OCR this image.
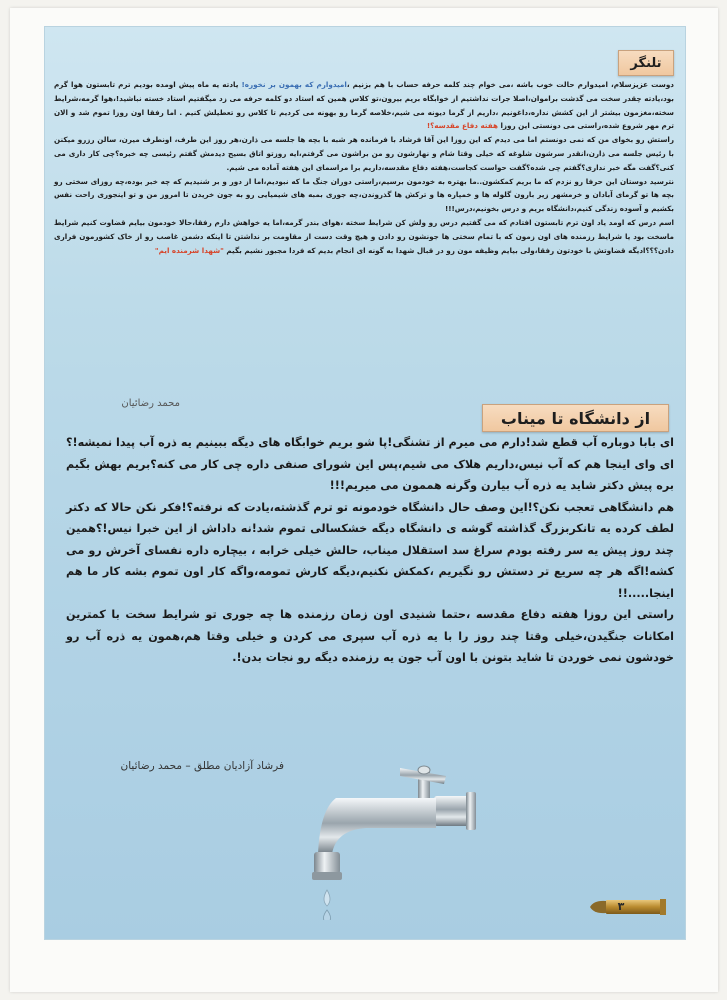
تلنگر

دوست عزیزسلام، امیدوارم حالت خوب باشه ،می خوام چند کلمه حرفه حساب با هم بزنیم ،امیدوارم که بهمون بر نخوره! یادته یه ماه پیش اومده بودیم ترم تابستون هوا گرم بود،یادته چقدر سخت می گذشت براموان،اصلا جرات نداشتیم از خوابگاه بریم بیرون،تو کلاس همین که استاد دو کلمه حرفه می زد میگفتیم استاد خسته نباشید!،هوا گرمه،شرایط سخته،مغزمون بیشتر از این کشش نداره،داغونیم ،داریم از گرما دیونه می شیم،خلاصه گرما رو بهونه می کردیم تا کلاس رو تعطیلش کنیم . اما رفقا اون روزا تموم شد و الان ترم مهر شروع شده،راستی می دونستی این روزا هفته دفاع مقدسه؟!

راستش رو بخوای من که نمی دونستم اما می دیدم که این روزا این آقا فرشاد با فرمانده هر شبه با بچه ها جلسه می ذارن،هر روز این طرف، اونطرف میرن، سالن رزرو میکنن با رئیس جلسه می ذارن،انقدر سرشون شلوغه که خیلی وقتا شام و نهارشون رو من براشون می گرفتم،ایه روزتو اتاق بسیج دیدمش گفتم رئیسی چه خبره؟چی کار داری می کنی؟گفت مگه خبر نداری؟گفتم چی شده؟گفت حواست کجاست،هفته دفاع مقدسه،داریم برا مراسمای این هفته آماده می شیم.

نترسید دوستان این حرفا رو نزدم که ما بریم کمکشون..ما بهتره به خودمون برسیم،راستی دوران جنگ ما که نبودیم،اما از دور و بر شنیدیم که چه خبر بوده،چه روزای سختی رو بچه ها تو گرمای آبادان و خرمشهر زیر بارون گلوله ها و خمپاره ها و ترکش ها گذروندن،چه جوری بمبه های شیمیایی رو به جون خریدن تا امروز من و تو اینجوری راحت نفس بکشیم و آسوده زندگی کنیم،دانشگاه بریم و درس بخونیم،درس!!!

اسم درس که اومد یاد اون ترم تابستون افتادم که می گفتیم درس رو ولش کن شرایط سخته ،هوای بندر گرمه،اما یه خواهش دارم رفقا،حالا خودمون بیایم قضاوت کنیم شرایط ماسخت بود یا شرایط رزمنده های اون زمون که با تمام سختی ها جونشون رو دادن و هیچ وقت دست از مقاومت بر نداشتن تا اینکه دشمن غاصب رو از خاک کشورمون فراری دادن؟؟؟ادیگه قضاوتش با خودتون رفقا،ولی بیایم وظیفه مون رو در قبال شهدا به گونه ای انجام بدیم که فردا مجبور نشیم بگیم "شهدا شرمنده ایم"

محمد رضائیان
از دانشگاه تا میناب

ای بابا دوباره آب قطع شد!دارم می میرم از تشنگی!پا شو بریم خوابگاه های دیگه ببینیم یه ذره آب پیدا نمیشه!؟ ای وای اینجا هم که آب نیس،داریم هلاک می شیم،پس این شورای صنفی داره چی کار می کنه؟بریم بهش بگیم بره پیش دکتر شاید یه ذره آب بیارن وگرنه هممون می میریم!!!

هم دانشگاهی تعجب نکن؟!این وصف حال دانشگاه خودمونه تو ترم گذشته،یادت که نرفته؟!فکر نکن حالا که دکتر لطف کرده یه تانکربزرگ گذاشته گوشه ی دانشگاه دیگه خشکسالی تموم شد!نه داداش از این خبرا نیس!؟همین چند روز پیش یه سر رفته بودم سراغ سد استقلال میناب، حالش خیلی خرابه ، بیچاره داره نفسای آخرش رو می کشه!اگه هر چه سریع تر دستش رو نگیریم ،کمکش نکنیم،دیگه کارش تمومه،واگه کار اون تموم بشه کار ما هم اینجا.....!!

راستی این روزا هفته دفاع مقدسه ،حتما شنیدی اون زمان رزمنده ها چه جوری تو شرایط سخت با کمترین امکانات جنگیدن،خیلی وقتا چند روز را با یه ذره آب سپری می کردن و خیلی وقتا هم،همون یه ذره آب رو خودشون نمی خوردن تا شاید بتونن با اون آب جون یه رزمنده دیگه رو نجات بدن!.

فرشاد آزادیان مطلق – محمد رضائیان
۳
